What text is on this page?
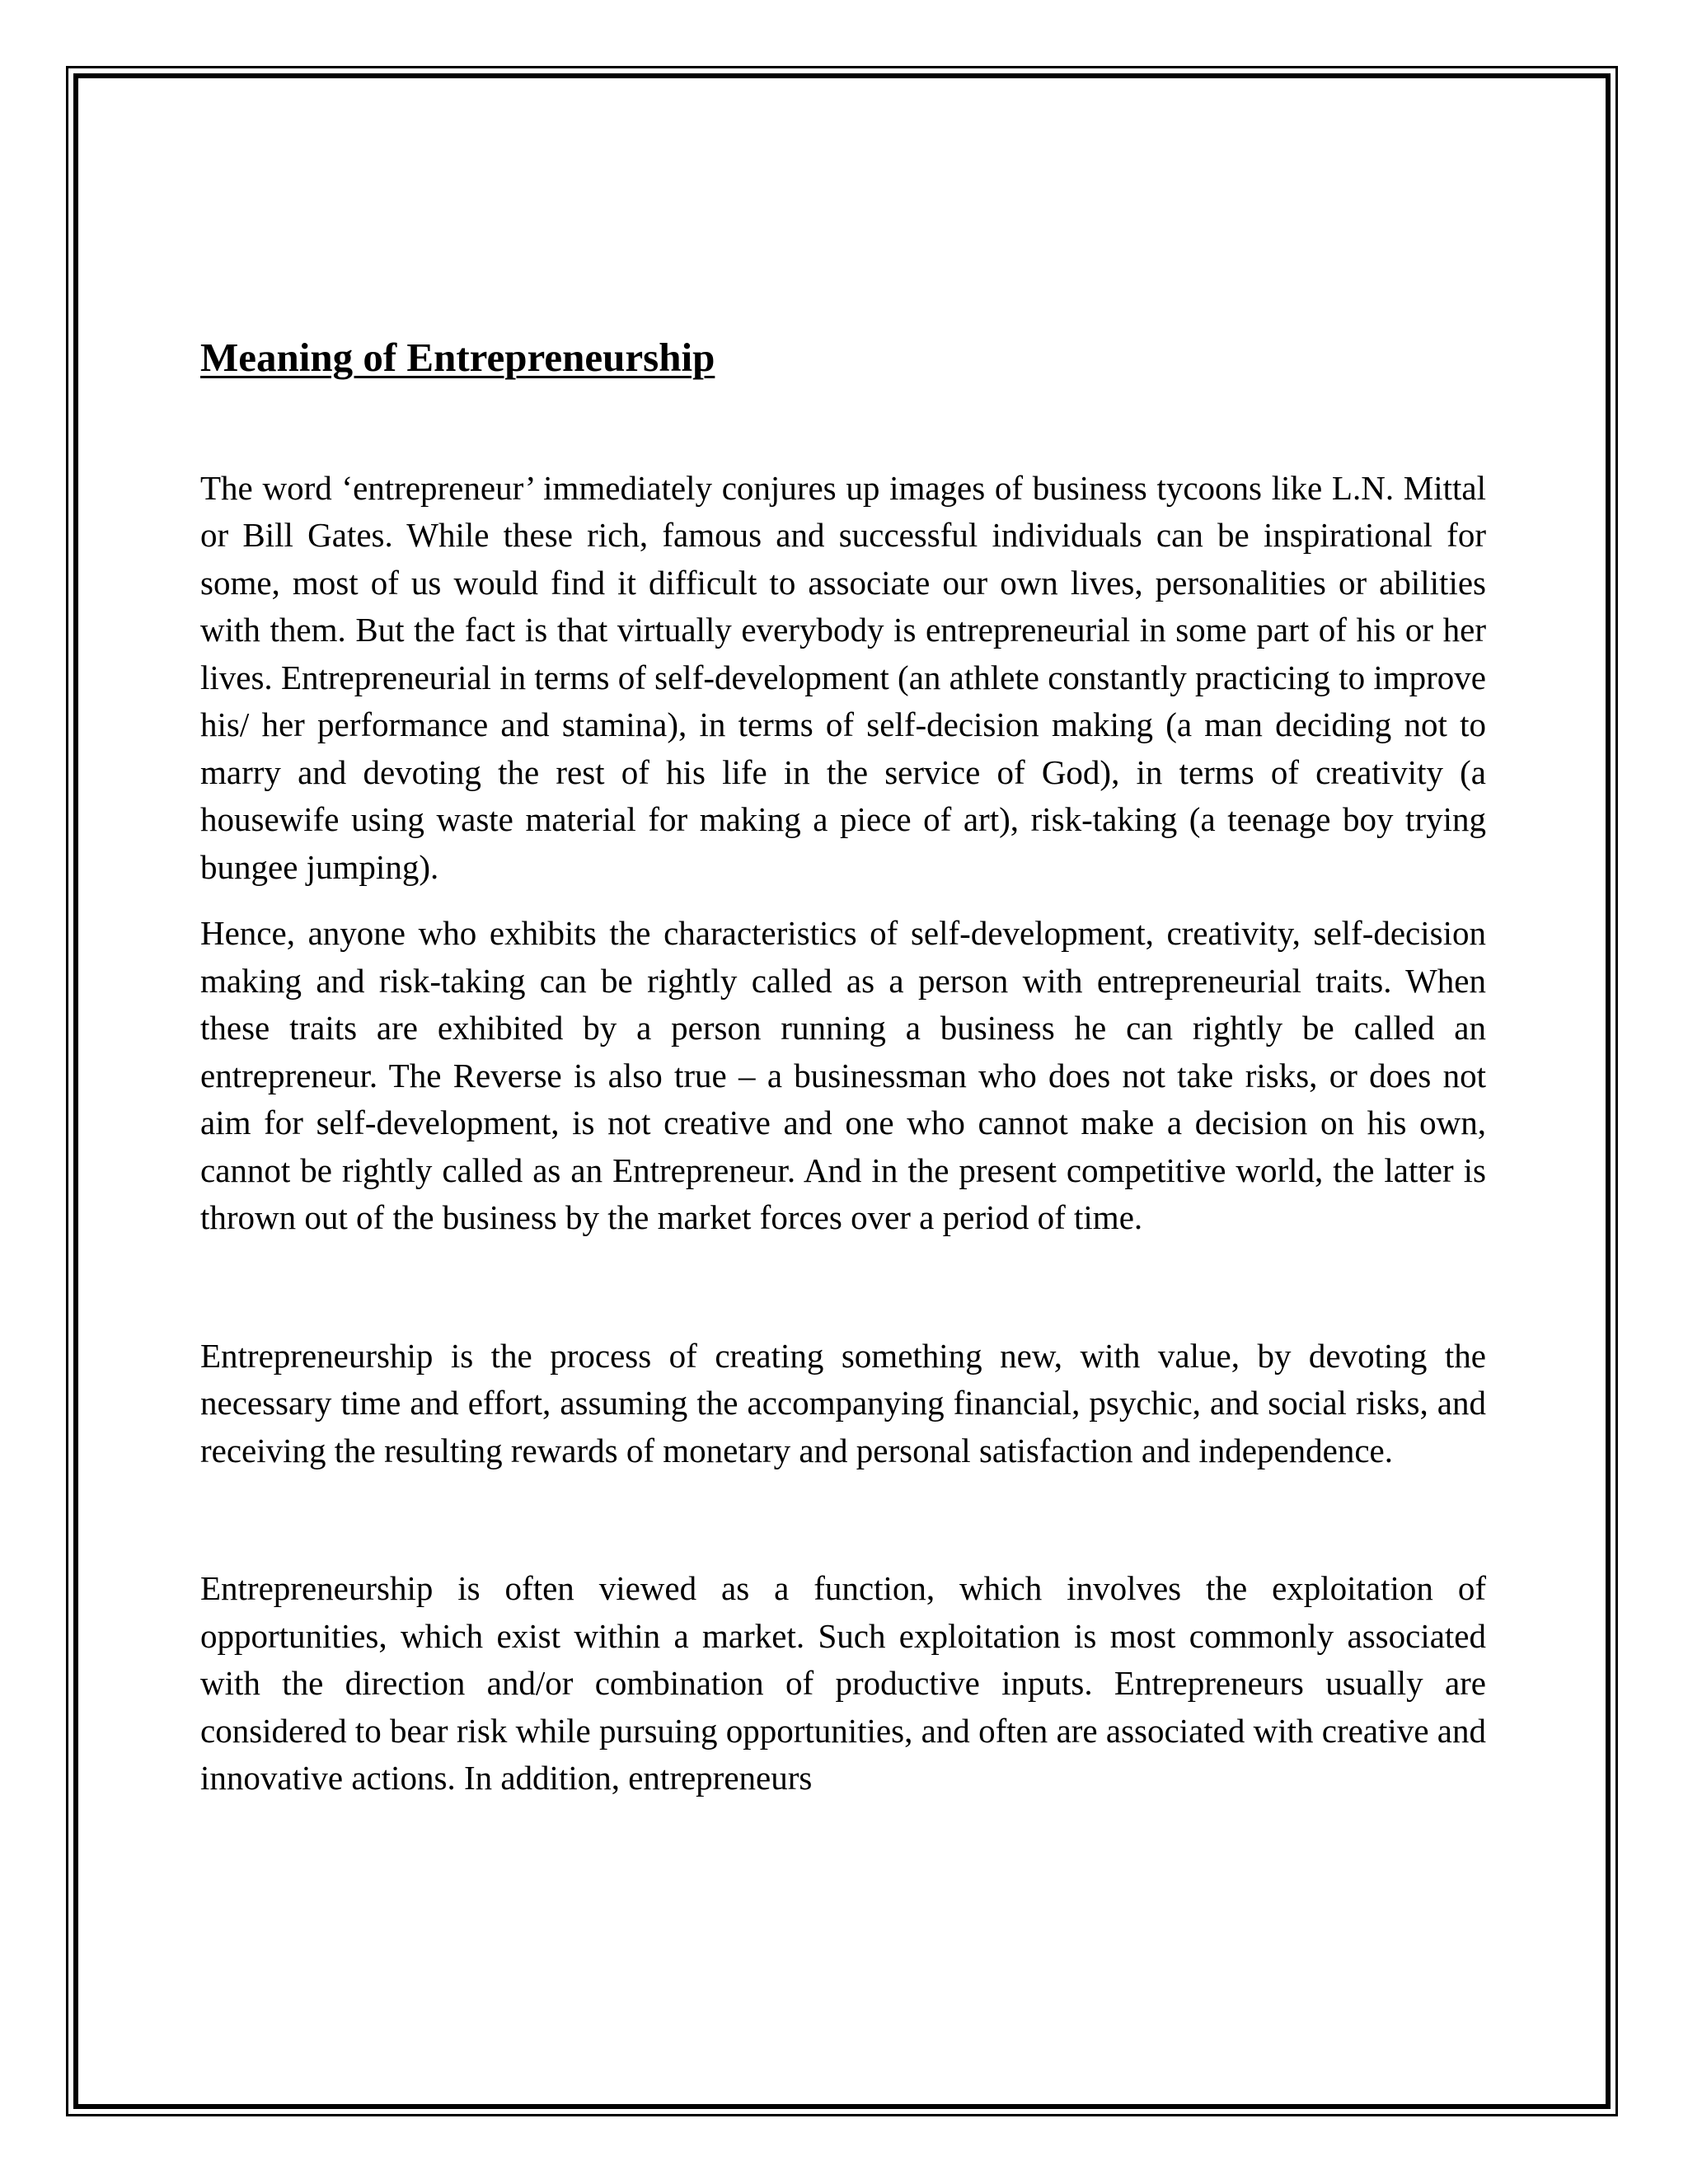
Meaning of Entrepreneurship

The word ‘entrepreneur’ immediately conjures up images of business tycoons like L.N. Mittal or Bill Gates. While these rich, famous and successful individuals can be inspirational for some, most of us would find it difficult to associate our own lives, personalities or abilities with them. But the fact is that virtually everybody is entrepreneurial in some part of his or her lives. Entrepreneurial in terms of self-development (an athlete constantly practicing to improve his/ her performance and stamina), in terms of self-decision making (a man deciding not to marry and devoting the rest of his life in the service of God), in terms of creativity (a housewife using waste material for making a piece of art), risk-taking (a teenage boy trying bungee jumping).

Hence, anyone who exhibits the characteristics of self-development, creativity, self-decision making and risk-taking can be rightly called as a person with entrepreneurial traits. When these traits are exhibited by a person running a business he can rightly be called an entrepreneur. The Reverse is also true – a businessman who does not take risks, or does not aim for self-development, is not creative and one who cannot make a decision on his own, cannot be rightly called as an Entrepreneur. And in the present competitive world, the latter is thrown out of the business by the market forces over a period of time.

Entrepreneurship is the process of creating something new, with value, by devoting the necessary time and effort, assuming the accompanying financial, psychic, and social risks, and receiving the resulting rewards of monetary and personal satisfaction and independence.

Entrepreneurship is often viewed as a function, which involves the exploitation of opportunities, which exist within a market. Such exploitation is most commonly associated with the direction and/or combination of productive inputs. Entrepreneurs usually are considered to bear risk while pursuing opportunities, and often are associated with creative and innovative actions. In addition, entrepreneurs
